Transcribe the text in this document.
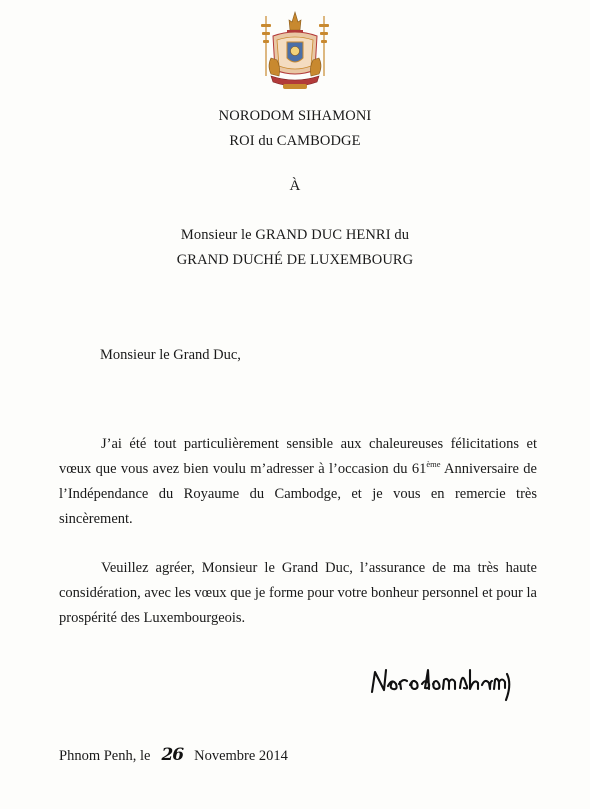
NORODOM SIHAMONI
ROI du CAMBODGE
À
Monsieur le GRAND DUC HENRI du
GRAND DUCHÉ DE LUXEMBOURG
Monsieur le Grand Duc,

J’ai été tout particulièrement sensible aux chaleureuses félicitations et vœux que vous avez bien voulu m’adresser à l’occasion du 61ème Anniversaire de l’Indépendance du Royaume du Cambodge, et je vous en remercie très sincèrement.

Veuillez agréer, Monsieur le Grand Duc, l’assurance de ma très haute considération, avec les vœux que je forme pour votre bonheur personnel et pour la prospérité des Luxembourgeois.

Phnom Penh, le 26 Novembre 2014
